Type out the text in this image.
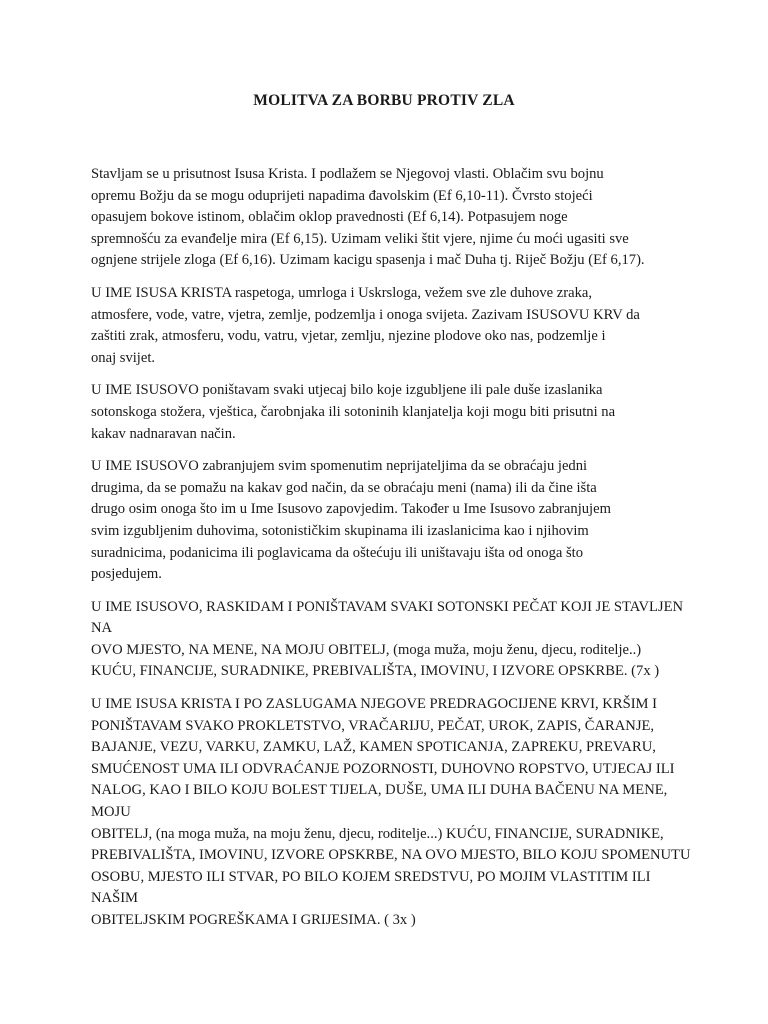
MOLITVA ZA BORBU PROTIV ZLA

Stavljam se u prisutnost Isusa Krista. I podlažem se Njegovoj vlasti. Oblačim svu bojnu
opremu Božju da se mogu oduprijeti napadima đavolskim (Ef 6,10-11). Čvrsto stojeći
opasujem bokove istinom, oblačim oklop pravednosti (Ef 6,14). Potpasujem noge
spremnošću za evanđelje mira (Ef 6,15). Uzimam veliki štit vjere, njime ću moći ugasiti sve
ognjene strijele zloga (Ef 6,16). Uzimam kacigu spasenja i mač Duha tj. Riječ Božju (Ef 6,17).

U IME ISUSA KRISTA raspetoga, umrloga i Uskrsloga, vežem sve zle duhove zraka,
atmosfere, vode, vatre, vjetra, zemlje, podzemlja i onoga svijeta. Zazivam ISUSOVU KRV da
zaštiti zrak, atmosferu, vodu, vatru, vjetar, zemlju, njezine plodove oko nas, podzemlje i
onaj svijet.

U IME ISUSOVO poništavam svaki utjecaj bilo koje izgubljene ili pale duše izaslanika
sotonskoga stožera, vještica, čarobnjaka ili sotoninih klanjatelja koji mogu biti prisutni na
kakav nadnaravan način.

U IME ISUSOVO zabranjujem svim spomenutim neprijateljima da se obraćaju jedni
drugima, da se pomažu na kakav god način, da se obraćaju meni (nama) ili da čine išta
drugo osim onoga što im u Ime Isusovo zapovjedim. Također u Ime Isusovo zabranjujem
svim izgubljenim duhovima, sotonističkim skupinama ili izaslanicima kao i njihovim
suradnicima, podanicima ili poglavicama da oštećuju ili uništavaju išta od onoga što
posjedujem.

U IME ISUSOVO, RASKIDAM I PONIŠTAVAM SVAKI SOTONSKI PEČAT KOJI JE STAVLJEN NA
OVO MJESTO, NA MENE, NA MOJU OBITELJ, (moga muža, moju ženu, djecu, roditelje..)
KUĆU, FINANCIJE, SURADNIKE, PREBIVALIŠTA, IMOVINU, I IZVORE OPSKRBE. (7x )

U IME ISUSA KRISTA I PO ZASLUGAMA NJEGOVE PREDRAGOCIJENE KRVI, KRŠIM I
PONIŠTAVAM SVAKO PROKLETSTVO, VRAČARIJU, PEČAT, UROK, ZAPIS, ČARANJE,
BAJANJE, VEZU, VARKU, ZAMKU, LAŽ, KAMEN SPOTICANJA, ZAPREKU, PREVARU,
SMUĆENOST UMA ILI ODVRAĆANJE POZORNOSTI, DUHOVNO ROPSTVO, UTJECAJ ILI
NALOG, KAO I BILO KOJU BOLEST TIJELA, DUŠE, UMA ILI DUHA BAČENU NA MENE, MOJU
OBITELJ, (na moga muža, na moju ženu, djecu, roditelje...) KUĆU, FINANCIJE, SURADNIKE,
PREBIVALIŠTA, IMOVINU, IZVORE OPSKRBE, NA OVO MJESTO, BILO KOJU SPOMENUTU
OSOBU, MJESTO ILI STVAR, PO BILO KOJEM SREDSTVU, PO MOJIM VLASTITIM ILI NAŠIM
OBITELJSKIM POGREŠKAMA I GRIJESIMA. ( 3x )
